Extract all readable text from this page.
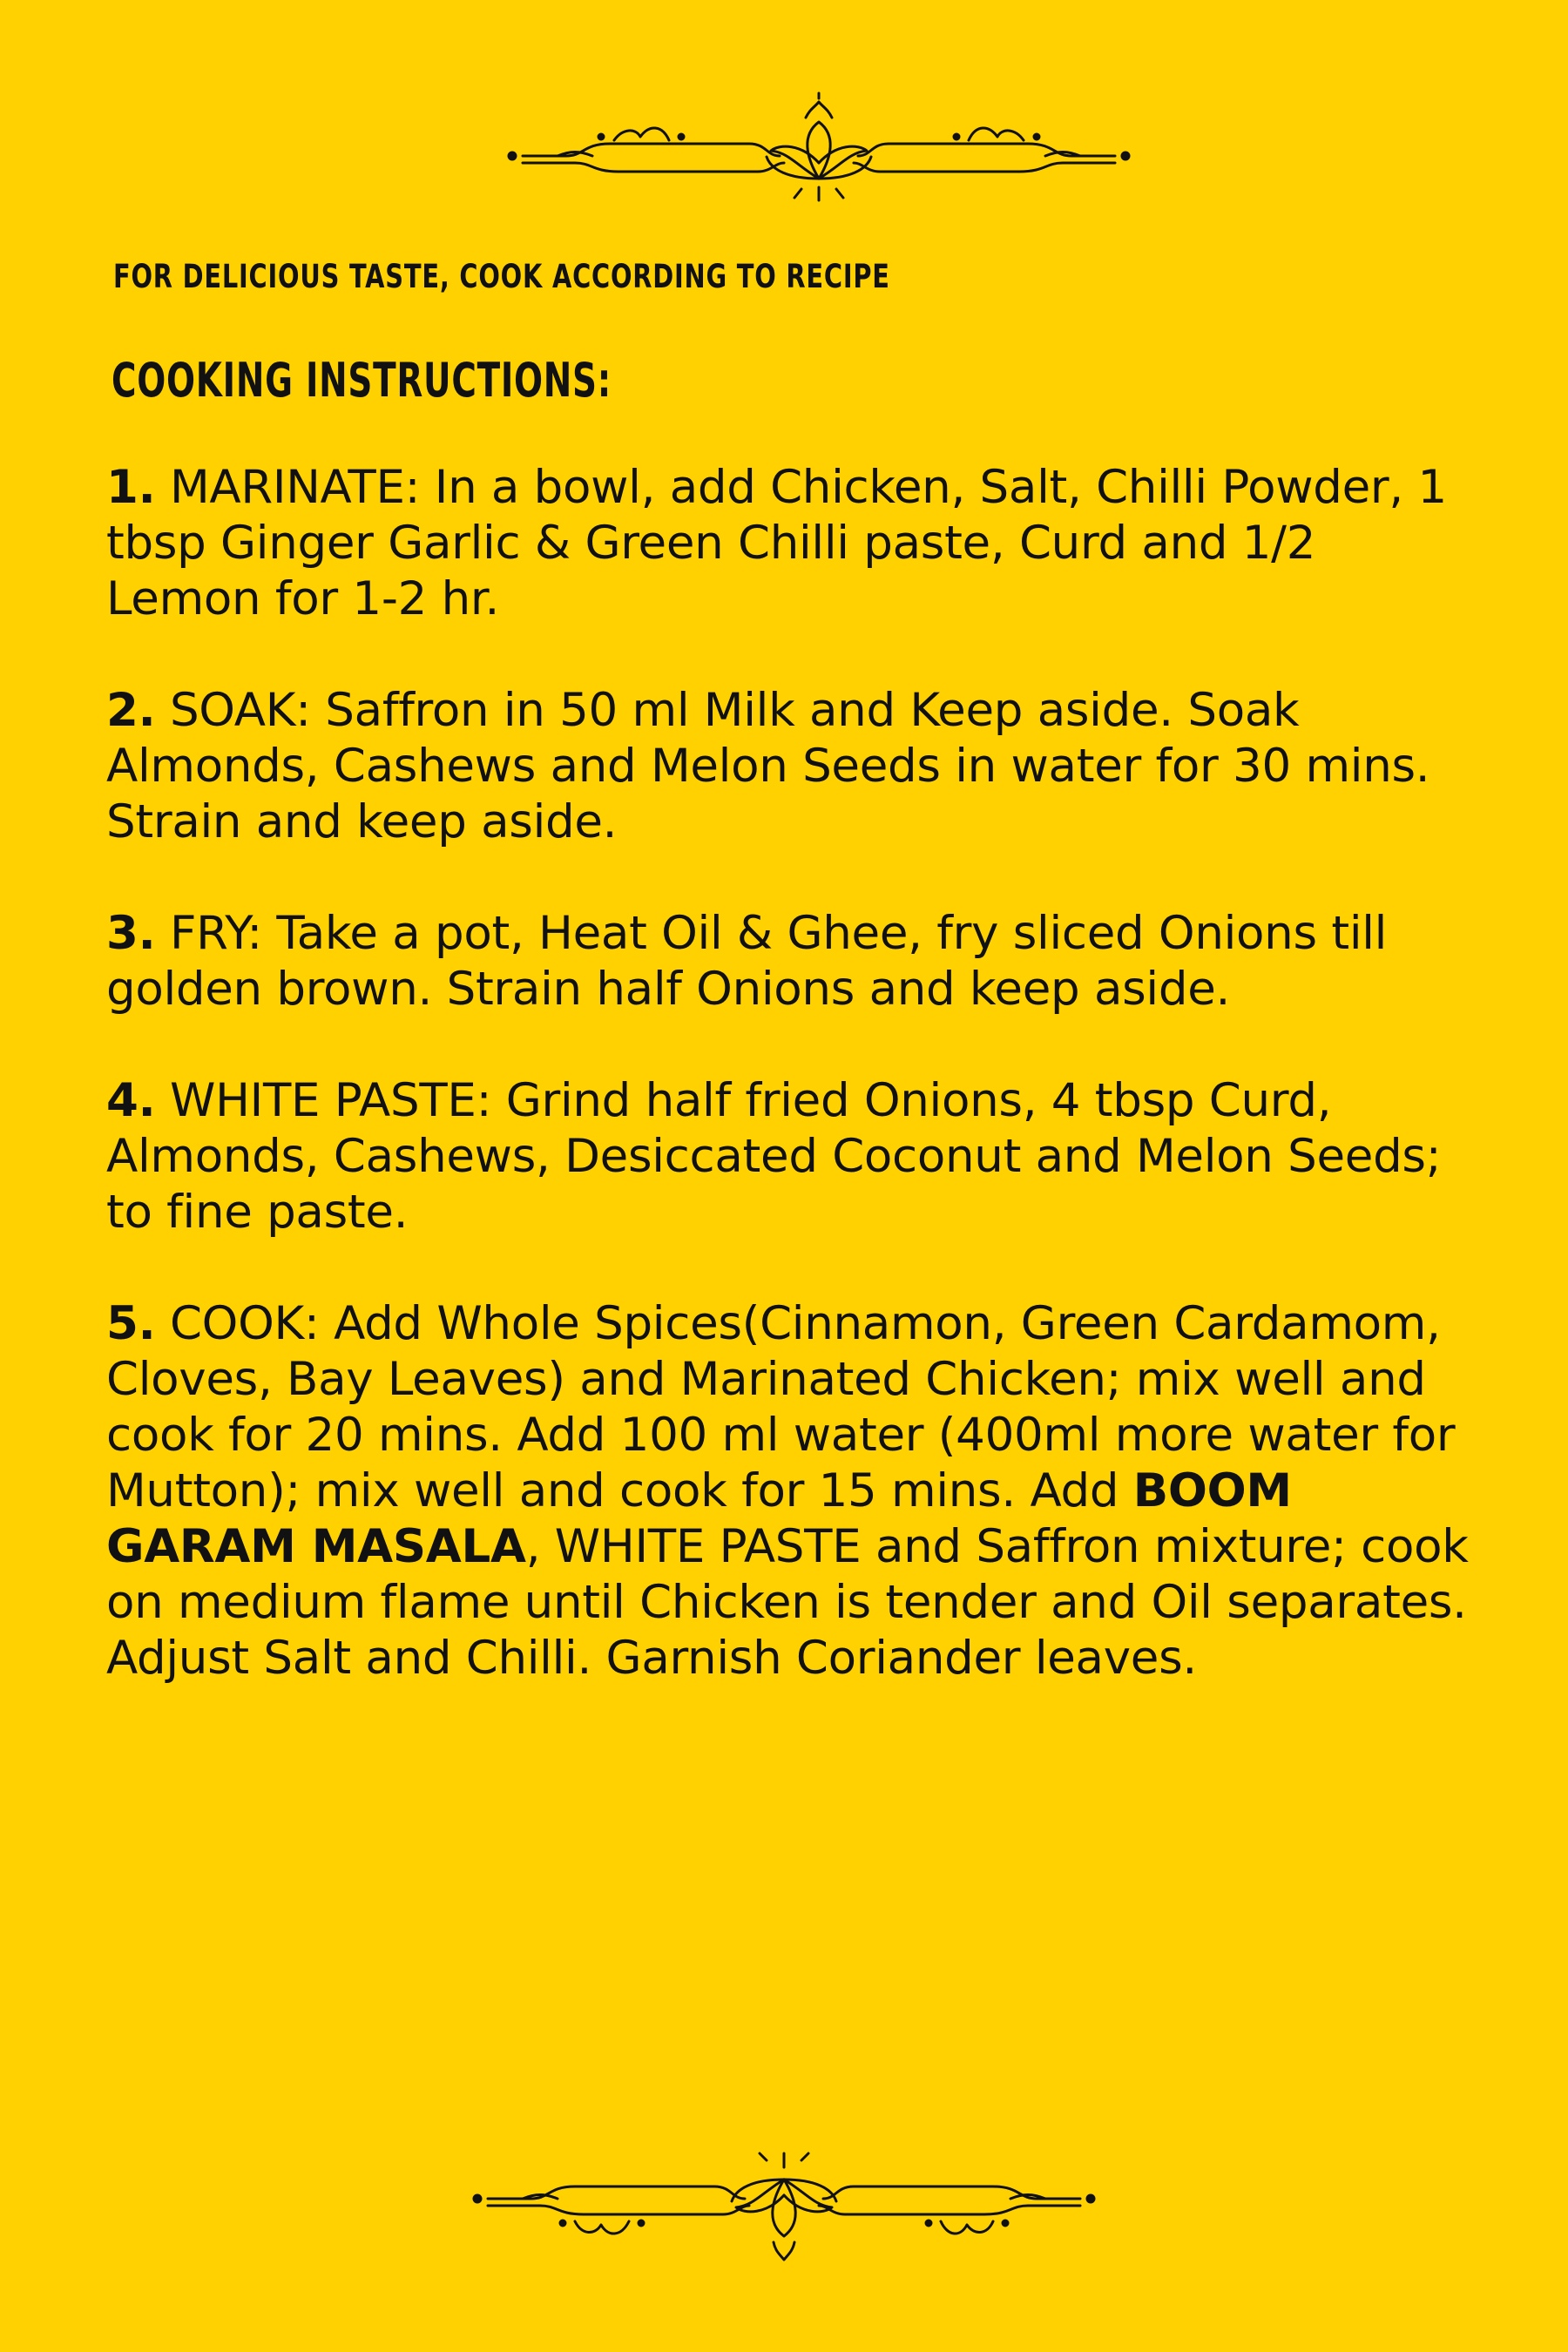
FOR DELICIOUS TASTE, COOK ACCORDING TO RECIPE
COOKING INSTRUCTIONS:

1. MARINATE: In a bowl, add Chicken, Salt, Chilli Powder, 1 tbsp Ginger Garlic & Green Chilli paste, Curd and 1/2 Lemon for 1-2 hr.

2. SOAK: Saffron in 50 ml Milk and Keep aside. Soak Almonds, Cashews and Melon Seeds in water for 30 mins. Strain and keep aside.

3. FRY: Take a pot, Heat Oil & Ghee, fry sliced Onions till golden brown. Strain half Onions and keep aside.

4. WHITE PASTE: Grind half fried Onions, 4 tbsp Curd, Almonds, Cashews, Desiccated Coconut and Melon Seeds; to fine paste.

5. COOK: Add Whole Spices(Cinnamon, Green Cardamom, Cloves, Bay Leaves) and Marinated Chicken; mix well and cook for 20 mins. Add 100 ml water (400ml more water for Mutton); mix well and cook for 15 mins. Add BOOM GARAM MASALA, WHITE PASTE and Saffron mixture; cook on medium flame until Chicken is tender and Oil separates. Adjust Salt and Chilli. Garnish Coriander leaves.
